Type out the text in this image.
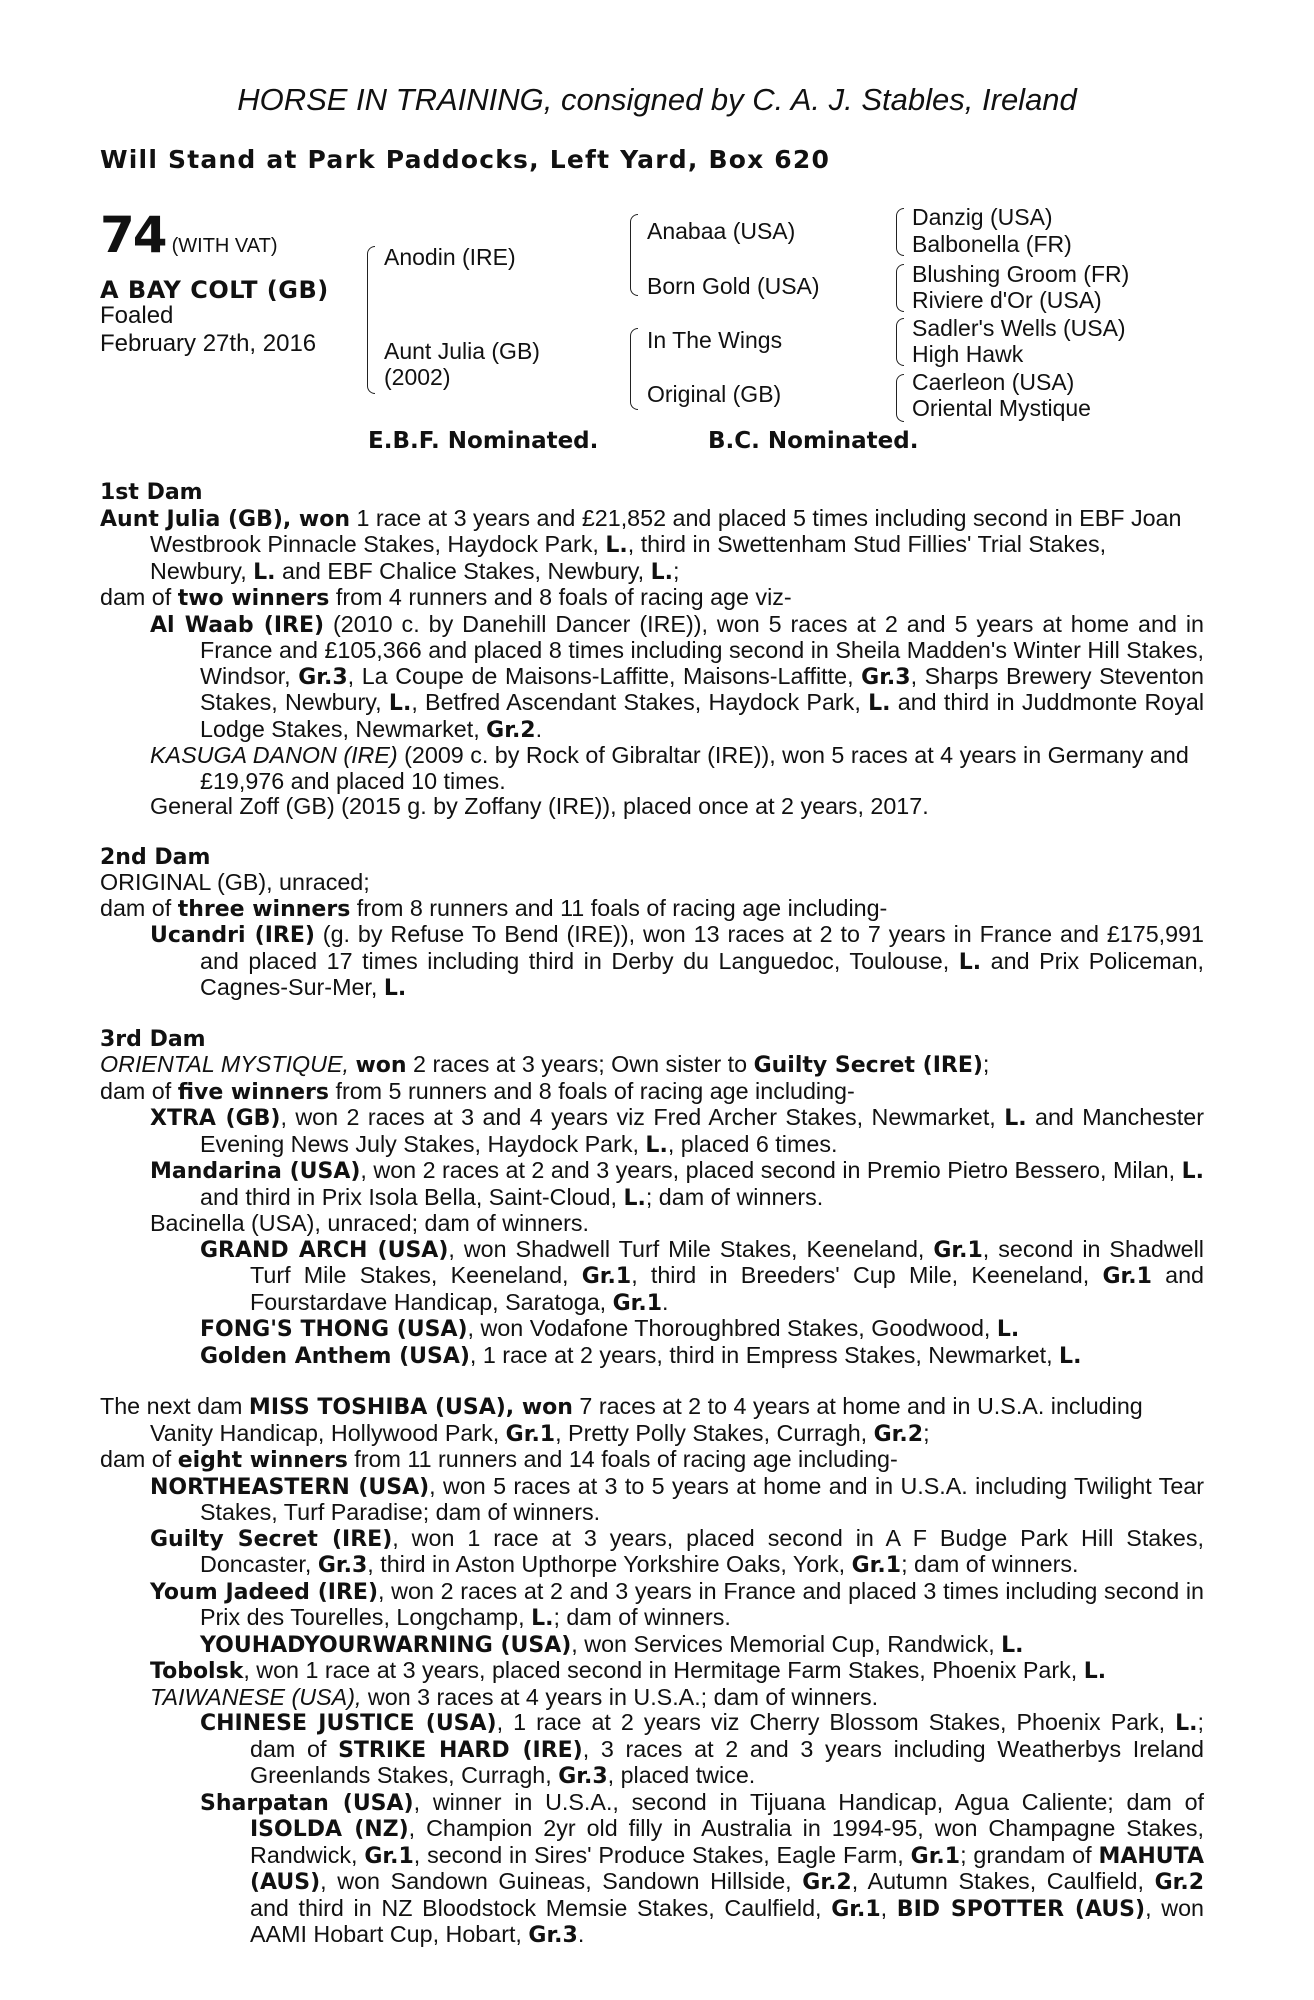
HORSE IN TRAINING, consigned by C. A. J. Stables, Ireland
Will Stand at Park Paddocks, Left Yard, Box 620
74 (WITH VAT)
A BAY COLT (GB)
Foaled
February 27th, 2016
Anodin (IRE)
Aunt Julia (GB)
(2002)
Anabaa (USA)
Born Gold (USA)
In The Wings
Original (GB)
Danzig (USA)
Balbonella (FR)
Blushing Groom (FR)
Riviere d'Or (USA)
Sadler's Wells (USA)
High Hawk
Caerleon (USA)
Oriental Mystique
E.B.F. Nominated.	B.C. Nominated.
1st Dam
Aunt Julia (GB), won 1 race at 3 years and £21,852 and placed 5 times including second in EBF Joan Westbrook Pinnacle Stakes, Haydock Park, L., third in Swettenham Stud Fillies' Trial Stakes, Newbury, L. and EBF Chalice Stakes, Newbury, L.;
dam of two winners from 4 runners and 8 foals of racing age viz-
Al Waab (IRE) (2010 c. by Danehill Dancer (IRE)), won 5 races at 2 and 5 years at home and in France and £105,366 and placed 8 times including second in Sheila Madden's Winter Hill Stakes, Windsor, Gr.3, La Coupe de Maisons-Laffitte, Maisons-Laffitte, Gr.3, Sharps Brewery Steventon Stakes, Newbury, L., Betfred Ascendant Stakes, Haydock Park, L. and third in Juddmonte Royal Lodge Stakes, Newmarket, Gr.2.
KASUGA DANON (IRE) (2009 c. by Rock of Gibraltar (IRE)), won 5 races at 4 years in Germany and £19,976 and placed 10 times.
General Zoff (GB) (2015 g. by Zoffany (IRE)), placed once at 2 years, 2017.
2nd Dam
ORIGINAL (GB), unraced;
dam of three winners from 8 runners and 11 foals of racing age including-
Ucandri (IRE) (g. by Refuse To Bend (IRE)), won 13 races at 2 to 7 years in France and £175,991 and placed 17 times including third in Derby du Languedoc, Toulouse, L. and Prix Policeman, Cagnes-Sur-Mer, L.
3rd Dam
ORIENTAL MYSTIQUE, won 2 races at 3 years; Own sister to Guilty Secret (IRE);
dam of five winners from 5 runners and 8 foals of racing age including-
XTRA (GB), won 2 races at 3 and 4 years viz Fred Archer Stakes, Newmarket, L. and Manchester Evening News July Stakes, Haydock Park, L., placed 6 times.
Mandarina (USA), won 2 races at 2 and 3 years, placed second in Premio Pietro Bessero, Milan, L. and third in Prix Isola Bella, Saint-Cloud, L.; dam of winners.
Bacinella (USA), unraced; dam of winners.
GRAND ARCH (USA), won Shadwell Turf Mile Stakes, Keeneland, Gr.1, second in Shadwell Turf Mile Stakes, Keeneland, Gr.1, third in Breeders' Cup Mile, Keeneland, Gr.1 and Fourstardave Handicap, Saratoga, Gr.1.
FONG'S THONG (USA), won Vodafone Thoroughbred Stakes, Goodwood, L.
Golden Anthem (USA), 1 race at 2 years, third in Empress Stakes, Newmarket, L.
The next dam MISS TOSHIBA (USA), won 7 races at 2 to 4 years at home and in U.S.A. including Vanity Handicap, Hollywood Park, Gr.1, Pretty Polly Stakes, Curragh, Gr.2;
dam of eight winners from 11 runners and 14 foals of racing age including-
NORTHEASTERN (USA), won 5 races at 3 to 5 years at home and in U.S.A. including Twilight Tear Stakes, Turf Paradise; dam of winners.
Guilty Secret (IRE), won 1 race at 3 years, placed second in A F Budge Park Hill Stakes, Doncaster, Gr.3, third in Aston Upthorpe Yorkshire Oaks, York, Gr.1; dam of winners.
Youm Jadeed (IRE), won 2 races at 2 and 3 years in France and placed 3 times including second in Prix des Tourelles, Longchamp, L.; dam of winners.
YOUHADYOURWARNING (USA), won Services Memorial Cup, Randwick, L.
Tobolsk, won 1 race at 3 years, placed second in Hermitage Farm Stakes, Phoenix Park, L.
TAIWANESE (USA), won 3 races at 4 years in U.S.A.; dam of winners.
CHINESE JUSTICE (USA), 1 race at 2 years viz Cherry Blossom Stakes, Phoenix Park, L.; dam of STRIKE HARD (IRE), 3 races at 2 and 3 years including Weatherbys Ireland Greenlands Stakes, Curragh, Gr.3, placed twice.
Sharpatan (USA), winner in U.S.A., second in Tijuana Handicap, Agua Caliente; dam of ISOLDA (NZ), Champion 2yr old filly in Australia in 1994-95, won Champagne Stakes, Randwick, Gr.1, second in Sires' Produce Stakes, Eagle Farm, Gr.1; grandam of MAHUTA (AUS), won Sandown Guineas, Sandown Hillside, Gr.2, Autumn Stakes, Caulfield, Gr.2 and third in NZ Bloodstock Memsie Stakes, Caulfield, Gr.1, BID SPOTTER (AUS), won AAMI Hobart Cup, Hobart, Gr.3.
